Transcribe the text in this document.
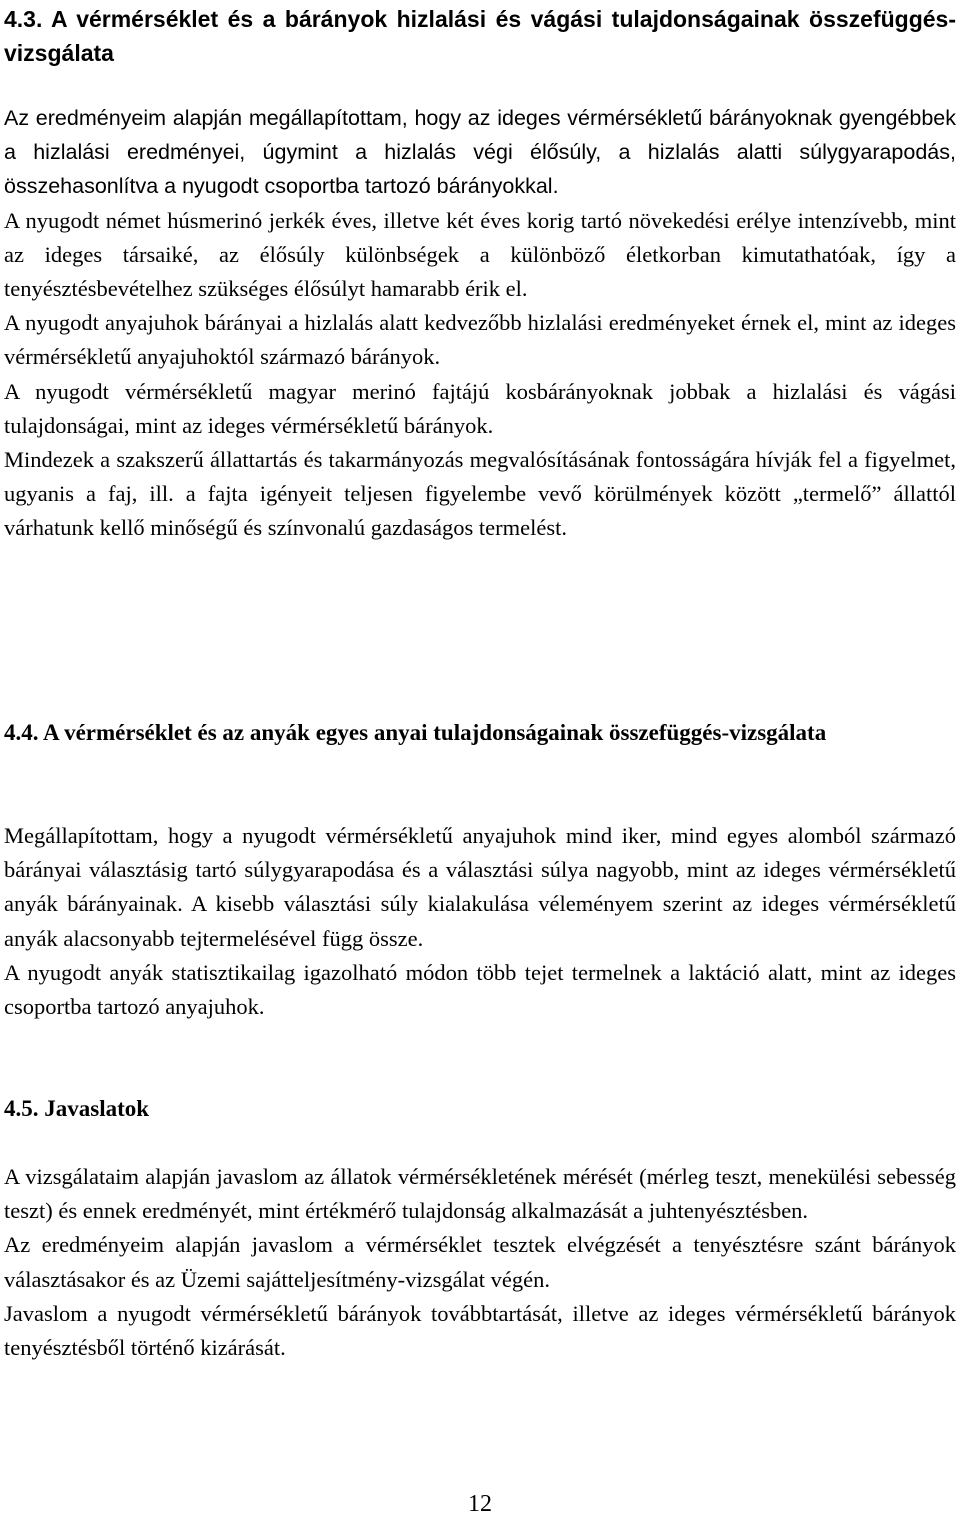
4.3. A vérmérséklet és a bárányok hizlalási és vágási tulajdonságainak összefüggés-vizsgálata

Az eredményeim alapján megállapítottam, hogy az ideges vérmérsékletű bárányoknak gyengébbek a hizlalási eredményei, úgymint a hizlalás végi élősúly, a hizlalás alatti súlygyarapodás, összehasonlítva a nyugodt csoportba tartozó bárányokkal.

A nyugodt német húsmerinó jerkék éves, illetve két éves korig tartó növekedési erélye intenzívebb, mint az ideges társaiké, az élősúly különbségek a különböző életkorban kimutathatóak, így a tenyésztésbevételhez szükséges élősúlyt hamarabb érik el.

A nyugodt anyajuhok bárányai a hizlalás alatt kedvezőbb hizlalási eredményeket érnek el, mint az ideges vérmérsékletű anyajuhoktól származó bárányok.

A nyugodt vérmérsékletű magyar merinó fajtájú kosbárányoknak jobbak a hizlalási és vágási tulajdonságai, mint az ideges vérmérsékletű bárányok.

Mindezek a szakszerű állattartás és takarmányozás megvalósításának fontosságára hívják fel a figyelmet, ugyanis a faj, ill. a fajta igényeit teljesen figyelembe vevő körülmények között „termelő” állattól várhatunk kellő minőségű és színvonalú gazdaságos termelést.

4.4. A vérmérséklet és az anyák egyes anyai tulajdonságainak összefüggés-vizsgálata

Megállapítottam, hogy a nyugodt vérmérsékletű anyajuhok mind iker, mind egyes alomból származó bárányai választásig tartó súlygyarapodása és a választási súlya nagyobb, mint az ideges vérmérsékletű anyák bárányainak. A kisebb választási súly kialakulása véleményem szerint az ideges vérmérsékletű anyák alacsonyabb tejtermelésével függ össze.

A nyugodt anyák statisztikailag igazolható módon több tejet termelnek a laktáció alatt, mint az ideges csoportba tartozó anyajuhok.

4.5. Javaslatok

A vizsgálataim alapján javaslom az állatok vérmérsékletének mérését (mérleg teszt, menekülési sebesség teszt) és ennek eredményét, mint értékmérő tulajdonság alkalmazását a juhtenyésztésben.

Az eredményeim alapján javaslom a vérmérséklet tesztek elvégzését a tenyésztésre szánt bárányok választásakor és az Üzemi sajátteljesítmény-vizsgálat végén.

Javaslom a nyugodt vérmérsékletű bárányok továbbtartását, illetve az ideges vérmérsékletű bárányok tenyésztésből történő kizárását.

12
